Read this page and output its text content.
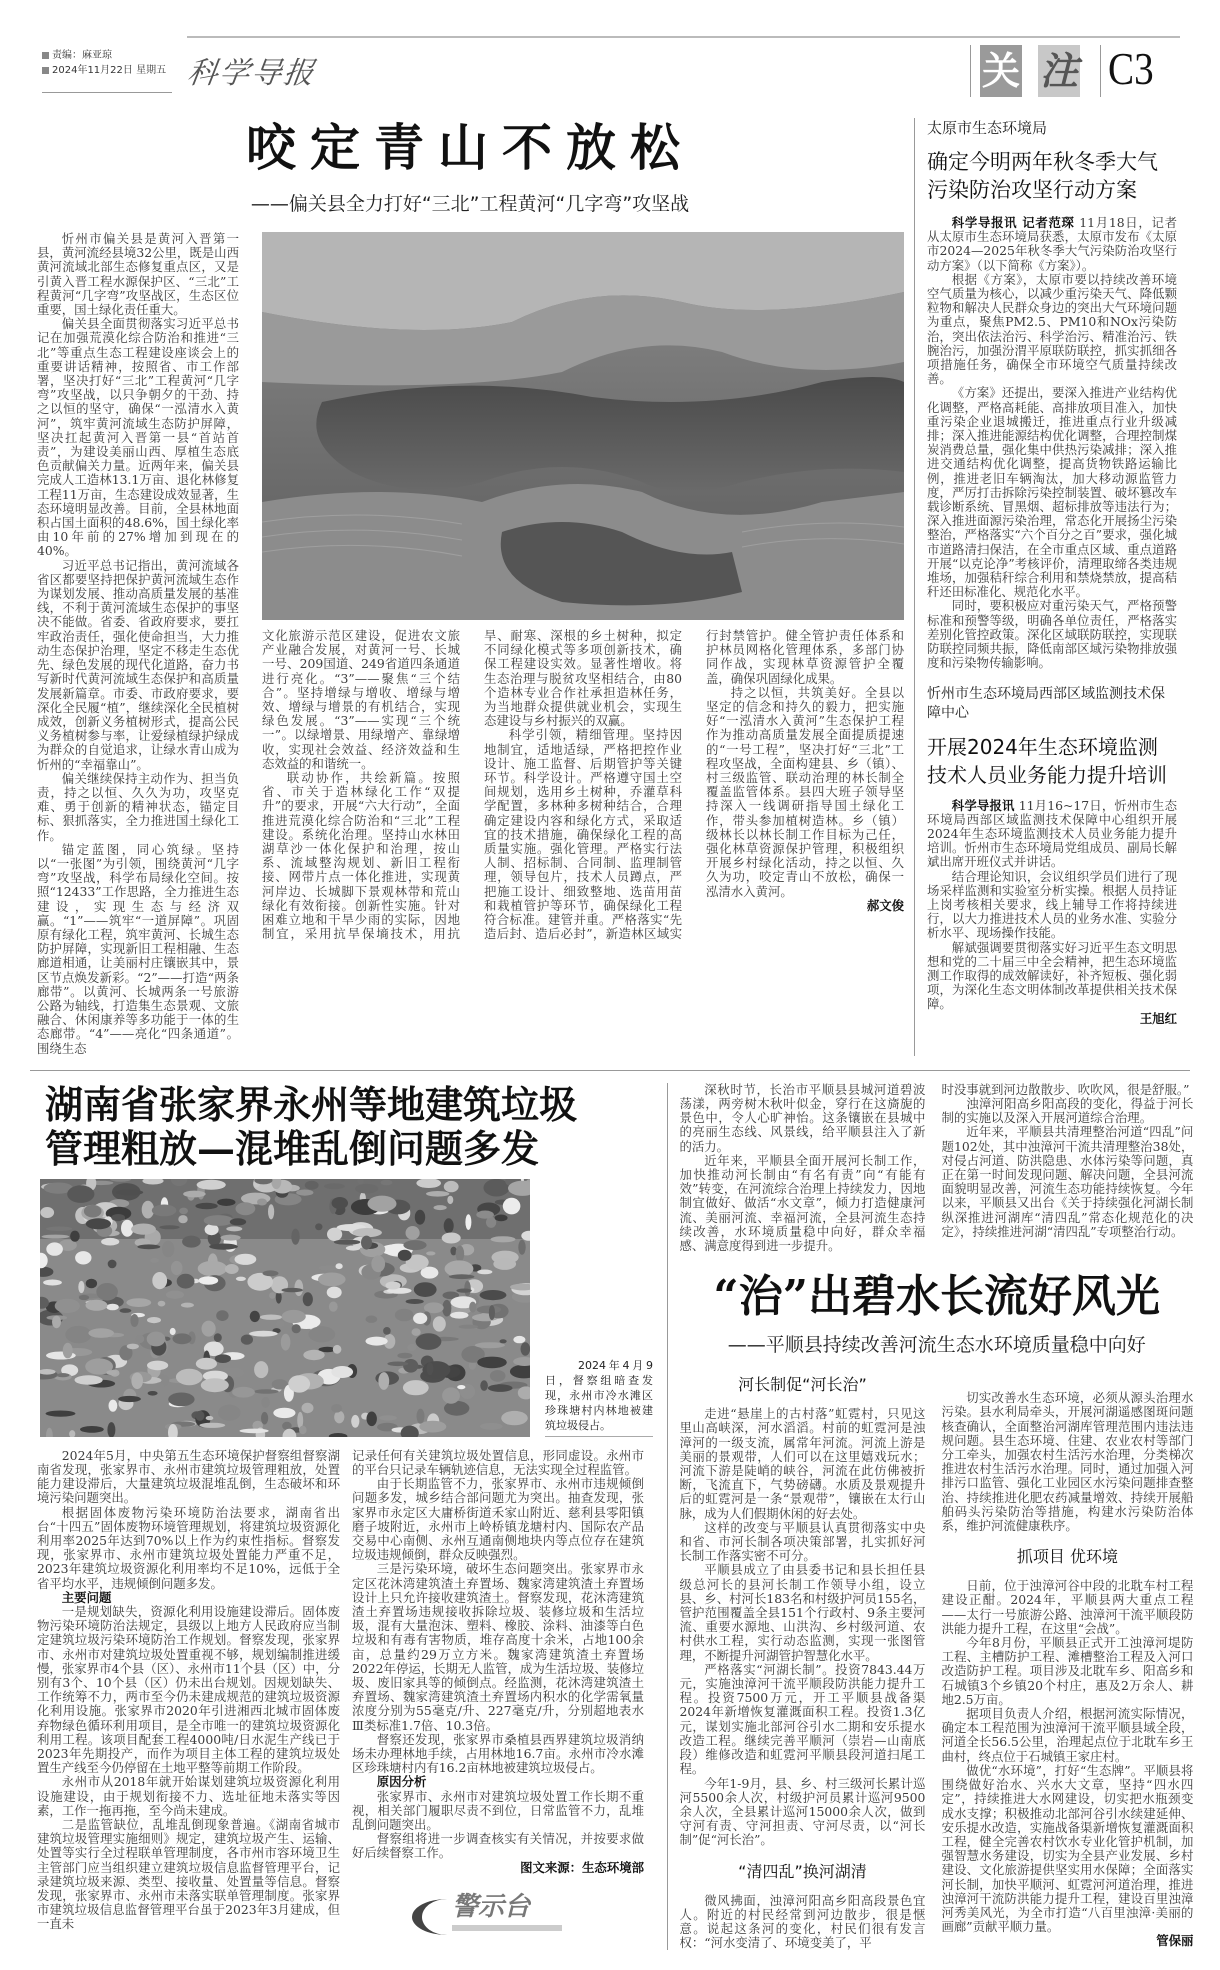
责编：麻亚琼
2024年11月22日 星期五 科学导报	关 注 C3
咬定青山不放松
——偏关县全力打好“三北”工程黄河“几字弯”攻坚战

忻州市偏关县是黄河入晋第一县，黄河流经县境32公里，既是山西黄河流域北部生态修复重点区，又是引黄入晋工程水源保护区、“三北”工程黄河“几字弯”攻坚战区，生态区位重要，国土绿化责任重大。

偏关县全面贯彻落实习近平总书记在加强荒漠化综合防治和推进“三北”等重点生态工程建设座谈会上的重要讲话精神，按照省、市工作部署，坚决打好“三北”工程黄河“几字弯”攻坚战，以只争朝夕的干劲、持之以恒的坚守，确保“一泓清水入黄河”，筑牢黄河流域生态防护屏障，坚决扛起黄河入晋第一县“首站首责”，为建设美丽山西、厚植生态底色贡献偏关力量。近两年来，偏关县完成人工造林13.1万亩、退化林修复工程11万亩，生态建设成效显著，生态环境明显改善。目前，全县林地面积占国土面积的48.6%，国土绿化率由10年前的27%增加到现在的40%。

习近平总书记指出，黄河流域各省区都要坚持把保护黄河流域生态作为谋划发展、推动高质量发展的基准线，不利于黄河流域生态保护的事坚决不能做。省委、省政府要求，要扛牢政治责任，强化使命担当，大力推动生态保护治理，坚定不移走生态优先、绿色发展的现代化道路，奋力书写新时代黄河流域生态保护和高质量发展新篇章。市委、市政府要求，要深化全民履“植”，继续深化全民植树成效，创新义务植树形式，提高公民义务植树参与率，让爱绿植绿护绿成为群众的自觉追求，让绿水青山成为忻州的“幸福靠山”。

偏关继续保持主动作为、担当负责，持之以恒、久久为功，攻坚克难、勇于创新的精神状态，锚定目标、狠抓落实，全力推进国土绿化工作。

锚定蓝图，同心筑绿。坚持以“一张图”为引领，围绕黄河“几字弯”攻坚战，科学布局绿化空间。按照“12433”工作思路，全力推进生态建设，实现生态与经济双赢。“1”——筑牢“一道屏障”。巩固原有绿化工程，筑牢黄河、长城生态防护屏障，实现新旧工程相融、生态廊道相通，让美丽村庄镶嵌其中，景区节点焕发新彩。“2”——打造“两条廊带”。以黄河、长城两条一号旅游公路为轴线，打造集生态景观、文旅融合、休闲康养等多功能于一体的生态廊带。“4”——亮化“四条通道”。围绕生态

文化旅游示范区建设，促进农文旅产业融合发展，对黄河一号、长城一号、209国道、249省道四条通道进行亮化。“3”——聚焦“三个结合”。坚持增绿与增收、增绿与增效、增绿与增景的有机结合，实现绿色发展。“3”——实现“三个统一”。以绿增景、用绿增产、靠绿增收，实现社会效益、经济效益和生态效益的和谐统一。

联动协作，共绘新篇。按照省、市关于造林绿化工作“双提升”的要求，开展“六大行动”，全面推进荒漠化综合防治和“三北”工程建设。系统化治理。坚持山水林田湖草沙一体化保护和治理，按山系、流域整沟规划、新旧工程衔接、网带片点一体化推进，实现黄河岸边、长城脚下景观林带和荒山绿化有效衔接。创新性实施。针对困难立地和干旱少雨的实际，因地制宜，采用抗旱保墒技术，用抗旱、耐寒、深根的乡土树种，拟定不同绿化模式等多项创新技术，确保工程建设实效。显著性增收。将生态治理与脱贫攻坚相结合，由80个造林专业合作社承担造林任务，为当地群众提供就业机会，实现生态建设与乡村振兴的双赢。

科学引领，精细管理。坚持因地制宜，适地适绿，严格把控作业设计、施工监督、后期管护等关键环节。科学设计。严格遵守国土空间规划，选用乡土树种，乔灌草科学配置，多林种多树种结合，合理确定建设内容和绿化方式，采取适宜的技术措施，确保绿化工程的高质量实施。强化管理。严格实行法人制、招标制、合同制、监理制管理，领导包片，技术人员蹲点，严把施工设计、细致整地、选苗用苗和栽植管护等环节，确保绿化工程符合标准。建管并重。严格落实“先造后封、造后必封”，新造林区域实行封禁管护。健全管护责任体系和护林员网格化管理体系，多部门协同作战，实现林草资源管护全覆盖，确保巩固绿化成果。

持之以恒，共筑美好。全县以坚定的信念和持久的毅力，把实施好“一泓清水入黄河”生态保护工程作为推动高质量发展全面提质提速的“一号工程”，坚决打好“三北”工程攻坚战，全面构建县、乡（镇）、村三级监管、联动治理的林长制全覆盖监管体系。县四大班子领导坚持深入一线调研指导国土绿化工作，带头参加植树造林。乡（镇）级林长以林长制工作目标为己任，强化林草资源保护管理，积极组织开展乡村绿化活动，持之以恒、久久为功，咬定青山不放松，确保一泓清水入黄河。

郝文俊

太原市生态环境局
确定今明两年秋冬季大气污染防治攻坚行动方案

科学导报讯 记者范琛 11月18日，记者从太原市生态环境局获悉，太原市发布《太原市2024—2025年秋冬季大气污染防治攻坚行动方案》（以下简称《方案》）。

根据《方案》，太原市要以持续改善环境空气质量为核心，以减少重污染天气、降低颗粒物和解决人民群众身边的突出大气环境问题为重点，聚焦PM2.5、PM10和NOx污染防治，突出依法治污、科学治污、精准治污、铁腕治污，加强汾渭平原联防联控，抓实抓细各项措施任务，确保全市环境空气质量持续改善。

《方案》还提出，要深入推进产业结构优化调整，严格高耗能、高排放项目准入，加快重污染企业退城搬迁，推进重点行业升级减排；深入推进能源结构优化调整，合理控制煤炭消费总量，强化集中供热污染减排；深入推进交通结构优化调整，提高货物铁路运输比例，推进老旧车辆淘汰，加大移动源监管力度，严厉打击拆除污染控制装置、破坏篡改车载诊断系统、冒黑烟、超标排放等违法行为；深入推进面源污染治理，常态化开展扬尘污染整治，严格落实“六个百分之百”要求，强化城市道路清扫保洁，在全市重点区域、重点道路开展“以克论净”考核评价，清理取缔各类违规堆场，加强秸秆综合利用和禁烧禁放，提高秸秆还田标准化、规范化水平。

同时，要积极应对重污染天气，严格预警标准和预警等级，明确各单位责任，严格落实差别化管控政策。深化区域联防联控，实现联防联控同频共振，降低南部区域污染物排放强度和污染物传输影响。

忻州市生态环境局西部区域监测技术保障中心
开展2024年生态环境监测技术人员业务能力提升培训

科学导报讯 11月16~17日，忻州市生态环境局西部区域监测技术保障中心组织开展2024年生态环境监测技术人员业务能力提升培训。忻州市生态环境局党组成员、副局长解斌出席开班仪式并讲话。

结合理论知识，会议组织学员们进行了现场采样监测和实验室分析实操。根据人员持证上岗考核相关要求，线上辅导工作将持续进行，以大力推进技术人员的业务水准、实验分析水平、现场操作技能。

解斌强调要贯彻落实好习近平生态文明思想和党的二十届三中全会精神，把生态环境监测工作取得的成效解读好，补齐短板、强化弱项，为深化生态文明体制改革提供相关技术保障。

王旭红

湖南省张家界永州等地建筑垃圾
管理粗放—混堆乱倒问题多发
2024年4月9日，督察组暗查发现，永州市冷水滩区珍珠塘村内林地被建筑垃圾侵占。

2024年5月，中央第五生态环境保护督察组督察湖南省发现，张家界市、永州市建筑垃圾管理粗放，处置能力建设滞后，大量建筑垃圾混堆乱倒，生态破坏和环境污染问题突出。

根据固体废物污染环境防治法要求，湖南省出台“十四五”固体废物环境管理规划，将建筑垃圾资源化利用率2025年达到70%以上作为约束性指标。督察发现，张家界市、永州市建筑垃圾处置能力严重不足，2023年建筑垃圾资源化利用率均不足10%，远低于全省平均水平，违规倾倒问题多发。

主要问题

一是规划缺失，资源化利用设施建设滞后。固体废物污染环境防治法规定，县级以上地方人民政府应当制定建筑垃圾污染环境防治工作规划。督察发现，张家界市、永州市对建筑垃圾处置重视不够，规划编制推进缓慢，张家界市4个县（区）、永州市11个县（区）中，分别有3个、10个县（区）仍未出台规划。因规划缺失、工作统筹不力，两市至今仍未建成规范的建筑垃圾资源化利用设施。张家界市2020年引进湘西北城市固体废弃物绿色循环利用项目，是全市唯一的建筑垃圾资源化利用工程。该项目配套工程4000吨/日水泥生产线已于2023年先期投产，而作为项目主体工程的建筑垃圾处置生产线至今仍停留在土地平整等前期工作阶段。

永州市从2018年就开始谋划建筑垃圾资源化利用设施建设，由于规划衔接不力、选址征地未落实等因素，工作一拖再拖，至今尚未建成。

二是监管缺位，乱堆乱倒现象普遍。《湖南省城市建筑垃圾管理实施细则》规定，建筑垃圾产生、运输、处置等实行全过程联单管理制度，各市州市容环境卫生主管部门应当组织建立建筑垃圾信息监督管理平台，记录建筑垃圾来源、类型、接收量、处置量等信息。督察发现，张家界市、永州市未落实联单管理制度。张家界市建筑垃圾信息监督管理平台虽于2023年3月建成，但一直未

记录任何有关建筑垃圾处置信息，形同虚设。永州市的平台只记录车辆轨迹信息，无法实现全过程监管。

由于长期监管不力，张家界市、永州市违规倾倒问题多发，城乡结合部问题尤为突出。抽查发现，张家界市永定区大庸桥街道禾家山附近、慈利县零阳镇磨子坡附近，永州市上岭桥镇龙塘村内、国际农产品交易中心南侧、永州互通南侧地块内等点位存在建筑垃圾违规倾倒，群众反映强烈。

三是污染环境，破坏生态问题突出。张家界市永定区花沐湾建筑渣土弃置场、魏家湾建筑渣土弃置场设计上只允许接收建筑渣土。督察发现，花沐湾建筑渣土弃置场违规接收拆除垃圾、装修垃圾和生活垃圾，混有大量泡沫、塑料、橡胶、涂料、油漆等白色垃圾和有毒有害物质，堆存高度十余米，占地100余亩，总量约29万立方米。魏家湾建筑渣土弃置场2022年停运，长期无人监管，成为生活垃圾、装修垃圾、废旧家具等的倾倒点。经监测，花沐湾建筑渣土弃置场、魏家湾建筑渣土弃置场内积水的化学需氧量浓度分别为55毫克/升、227毫克/升，分别超地表水Ⅲ类标准1.7倍、10.3倍。

督察还发现，张家界市桑植县西界建筑垃圾消纳场未办理林地手续，占用林地16.7亩。永州市冷水滩区珍珠塘村内有16.2亩林地被建筑垃圾侵占。

原因分析

张家界市、永州市对建筑垃圾处置工作长期不重视，相关部门履职尽责不到位，日常监管不力，乱堆乱倒问题突出。

督察组将进一步调查核实有关情况，并按要求做好后续督察工作。

图文来源：生态环境部

警示台

深秋时节，长治市平顺县县城河道碧波荡漾，两旁树木秋叶似金，穿行在这旖旎的景色中，令人心旷神怡。这条镶嵌在县城中的亮丽生态线、风景线，给平顺县注入了新的活力。

近年来，平顺县全面开展河长制工作，加快推动河长制由“有名有责”向“有能有效”转变，在河流综合治理上持续发力，因地制宜做好、做活“水文章”，倾力打造健康河流、美丽河流、幸福河流，全县河流生态持续改善，水环境质量稳中向好，群众幸福感、满意度得到进一步提升。

时没事就到河边散散步、吹吹风，很是舒服。”

浊漳河阳高乡阳高段的变化，得益于河长制的实施以及深入开展河道综合治理。

近年来，平顺县共清理整治河道“四乱”问题102处，其中浊漳河干流共清理整治38处，对侵占河道、防洪隐患、水体污染等问题，真正在第一时间发现问题、解决问题，全县河流面貌明显改善，河流生态功能持续恢复。今年以来，平顺县又出台《关于持续强化河湖长制纵深推进河湖库“清四乱”常态化规范化的决定》，持续推进河湖“清四乱”专项整治行动。

“治”出碧水长流好风光
——平顺县持续改善河流生态水环境质量稳中向好

河长制促“河长治”

走进“悬崖上的古村落”虹霓村，只见这里山高峡深，河水滔滔。村前的虹霓河是浊漳河的一级支流，属常年河流。河流上游是美丽的景观带，人们可以在这里嬉戏玩水；河流下游是陡峭的峡谷，河流在此仿佛被折断，飞流直下，气势磅礴。水质及景观提升后的虹霓河是一条“景观带”，镶嵌在太行山脉，成为人们假期休闲的好去处。

这样的改变与平顺县认真贯彻落实中央和省、市河长制各项决策部署，扎实抓好河长制工作落实密不可分。

平顺县成立了由县委书记和县长担任县级总河长的县河长制工作领导小组，设立县、乡、村河长183名和村级护河员155名，管护范围覆盖全县151个行政村、9条主要河流、重要水源地、山洪沟、乡村级河道、农村供水工程，实行动态监测，实现一张图管理，不断提升河湖管护智慧化水平。

严格落实“河湖长制”。投资7843.44万元，实施浊漳河干流平顺段防洪能力提升工程。投资7500万元，开工平顺县战备渠2024年新增恢复灌溉面积工程。投资1.3亿元，谋划实施北部河谷引水二期和安乐提水改造工程。继续完善平顺河（崇岩—山南底段）维修改造和虹霓河平顺县段河道扫尾工程。

今年1-9月，县、乡、村三级河长累计巡河5500余人次，村级护河员累计巡河9500余人次，全县累计巡河15000余人次，做到守河有责、守河担责、守河尽责，以“河长制”促“河长治”。

“清四乱”换河湖清

微风拂面，浊漳河阳高乡阳高段景色宜人。附近的村民经常到河边散步，很是惬意。说起这条河的变化，村民们很有发言权：“河水变清了、环境变美了，平

切实改善水生态环境，必须从源头治理水污染。县水利局牵头，开展河湖遥感图斑问题核查确认，全面整治河湖库管理范围内违法违规问题。县生态环境、住建、农业农村等部门分工牵头，加强农村生活污水治理，分类梯次推进农村生活污水治理。同时，通过加强入河排污口监管、强化工业园区水污染问题排查整治、持续推进化肥农药减量增效、持续开展船舶码头污染防治等措施，构建水污染防治体系，维护河流健康秩序。

抓项目 优环境

日前，位于浊漳河谷中段的北耽车村工程建设正酣。2024年，平顺县两大重点工程——太行一号旅游公路、浊漳河干流平顺段防洪能力提升工程，在这里“会战”。

今年8月份，平顺县正式开工浊漳河堤防工程、主槽防护工程、滩槽整治工程及入河口改造防护工程。项目涉及北耽车乡、阳高乡和石城镇3个乡镇20个村庄，惠及2万余人、耕地2.5万亩。

据项目负责人介绍，根据河流实际情况，确定本工程范围为浊漳河干流平顺县域全段，河道全长56.5公里，治理起点位于北耽车乡王曲村，终点位于石城镇王家庄村。

做优“水环境”，打好“生态牌”。平顺县将围绕做好治水、兴水大文章，坚持“四水四定”，持续推进大水网建设，切实把水瓶颈变成水支撑；积极推动北部河谷引水续建延伸、安乐提水改造，实施战备渠新增恢复灌溉面积工程，健全完善农村饮水专业化管护机制，加强智慧水务建设，切实为全县产业发展、乡村建设、文化旅游提供坚实用水保障；全面落实河长制，加快平顺河、虹霓河河道治理，推进浊漳河干流防洪能力提升工程，建设百里浊漳河秀美风光，为全市打造“八百里浊漳·美丽的画廊”贡献平顺力量。

管保丽
